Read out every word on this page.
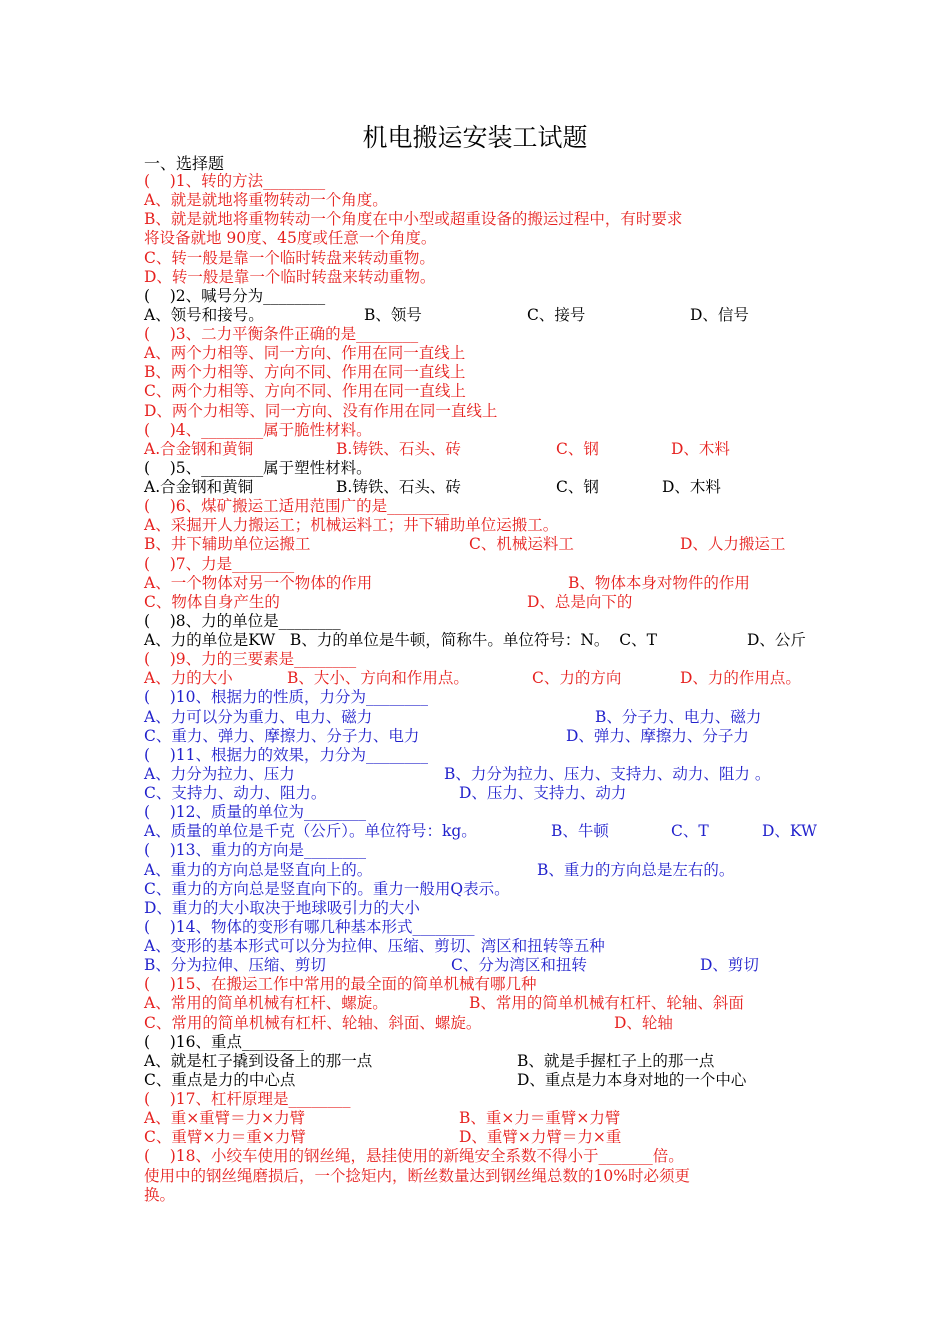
机电搬运安装工试题
一、选择题
(    )1、转的方法________
A、就是就地将重物转动一个角度。
B、就是就地将重物转动一个角度在中小型或超重设备的搬运过程中，有时要求
将设备就地 90度、45度或任意一个角度。
C、转一般是靠一个临时转盘来转动重物。
D、转一般是靠一个临时转盘来转动重物。
(    )2、喊号分为________
A、领号和接号。	B、领号	C、接号	D、信号
(    )3、二力平衡条件正确的是________
A、两个力相等、同一方向、作用在同一直线上
B、两个力相等、方向不同、作用在同一直线上
C、两个力相等、方向不同、作用在同一直线上
D、两个力相等、同一方向、没有作用在同一直线上
(    )4、________属于脆性材料。
A.合金钢和黄铜	B.铸铁、石头、砖	C、钢	D、木料
(    )5、________属于塑性材料。
A.合金钢和黄铜	B.铸铁、石头、砖	C、钢	D、木料
(    )6、煤矿搬运工适用范围广的是________
A、采掘开人力搬运工；机械运料工；井下辅助单位运搬工。
B、井下辅助单位运搬工	C、机械运料工	D、人力搬运工
(    )7、力是________
A、一个物体对另一个物体的作用	B、物体本身对物件的作用
C、物体自身产生的	D、总是向下的
(    )8、力的单位是________
A、力的单位是KW   B、力的单位是牛顿，简称牛。单位符号：N。  C、T	D、公斤
(    )9、力的三要素是________
A、力的大小	B、大小、方向和作用点。	C、力的方向	D、力的作用点。
(    )10、根据力的性质，力分为________
A、力可以分为重力、电力、磁力	B、分子力、电力、磁力
C、重力、弹力、摩擦力、分子力、电力	D、弹力、摩擦力、分子力
(    )11、根据力的效果，力分为________
A、力分为拉力、压力	B、力分为拉力、压力、支持力、动力、阻力 。
C、支持力、动力、阻力。	D、压力、支持力、动力
(    )12、质量的单位为________
A、质量的单位是千克（公斤）。单位符号：kg。	B、牛顿	C、T	D、KW
(    )13、重力的方向是________
A、重力的方向总是竖直向上的。	B、重力的方向总是左右的。
C、重力的方向总是竖直向下的。重力一般用Q表示。
D、重力的大小取决于地球吸引力的大小
(    )14、物体的变形有哪几种基本形式________
A、变形的基本形式可以分为拉伸、压缩、剪切、湾区和扭转等五种
B、分为拉伸、压缩、剪切	C、分为湾区和扭转	D、剪切
(    )15、在搬运工作中常用的最全面的简单机械有哪几种
A、常用的简单机械有杠杆、螺旋。	B、常用的简单机械有杠杆、轮轴、斜面
C、常用的简单机械有杠杆、轮轴、斜面、螺旋。	D、轮轴
(    )16、重点________
A、就是杠子撬到设备上的那一点	B、就是手握杠子上的那一点
C、重点是力的中心点	D、重点是力本身对地的一个中心
(    )17、杠杆原理是________
A、重×重臂＝力×力臂	B、重×力＝重臂×力臂
C、重臂×力＝重×力臂	D、重臂×力臂＝力×重
(    )18、小绞车使用的钢丝绳，悬挂使用的新绳安全系数不得小于_______倍。
使用中的钢丝绳磨损后，一个捻矩内，断丝数量达到钢丝绳总数的10%时必须更
换。
